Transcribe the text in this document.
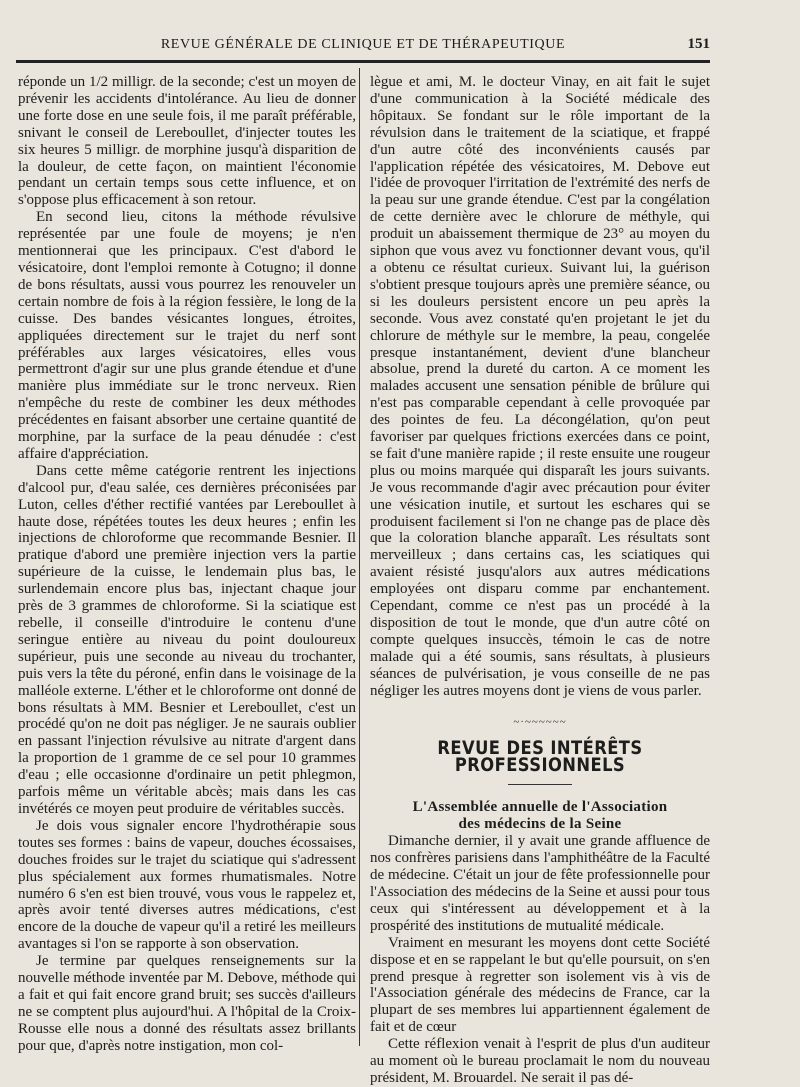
REVUE GÉNÉRALE DE CLINIQUE ET DE THÉRAPEUTIQUE	151

réponde un 1/2 milligr. de la seconde; c'est un moyen de prévenir les accidents d'intolérance. Au lieu de donner une forte dose en une seule fois, il me paraît préférable, snivant le conseil de Lereboullet, d'injecter toutes les six heures 5 milligr. de morphine jusqu'à disparition de la douleur, de cette façon, on maintient l'économie pendant un certain temps sous cette influence, et on s'oppose plus efficacement à son retour.

En second lieu, citons la méthode révulsive représentée par une foule de moyens; je n'en mentionnerai que les principaux. C'est d'abord le vésicatoire, dont l'emploi remonte à Cotugno; il donne de bons résultats, aussi vous pourrez les renouveler un certain nombre de fois à la région fessière, le long de la cuisse. Des bandes vésicantes longues, étroites, appliquées directement sur le trajet du nerf sont préférables aux larges vésicatoires, elles vous permettront d'agir sur une plus grande étendue et d'une manière plus immédiate sur le tronc nerveux. Rien n'empêche du reste de combiner les deux méthodes précédentes en faisant absorber une certaine quantité de morphine, par la surface de la peau dénudée : c'est affaire d'appréciation.

Dans cette même catégorie rentrent les injections d'alcool pur, d'eau salée, ces dernières préconisées par Luton, celles d'éther rectifié vantées par Lereboullet à haute dose, répétées toutes les deux heures ; enfin les injections de chloroforme que recommande Besnier. Il pratique d'abord une première injection vers la partie supérieure de la cuisse, le lendemain plus bas, le surlendemain encore plus bas, injectant chaque jour près de 3 grammes de chloroforme. Si la sciatique est rebelle, il conseille d'introduire le contenu d'une seringue entière au niveau du point douloureux supérieur, puis une seconde au niveau du trochanter, puis vers la tête du péroné, enfin dans le voisinage de la malléole externe. L'éther et le chloroforme ont donné de bons résultats à MM. Besnier et Lereboullet, c'est un procédé qu'on ne doit pas négliger. Je ne saurais oublier en passant l'injection révulsive au nitrate d'argent dans la proportion de 1 gramme de ce sel pour 10 grammes d'eau ; elle occasionne d'ordinaire un petit phlegmon, parfois même un véritable abcès; mais dans les cas invétérés ce moyen peut produire de véritables succès.

Je dois vous signaler encore l'hydrothérapie sous toutes ses formes : bains de vapeur, douches écossaises, douches froides sur le trajet du sciatique qui s'adressent plus spécialement aux formes rhumatismales. Notre numéro 6 s'en est bien trouvé, vous vous le rappelez et, après avoir tenté diverses autres médications, c'est encore de la douche de vapeur qu'il a retiré les meilleurs avantages si l'on se rapporte à son observation.

Je termine par quelques renseignements sur la nouvelle méthode inventée par M. Debove, méthode qui a fait et qui fait encore grand bruit; ses succès d'ailleurs ne se comptent plus aujourd'hui. A l'hôpital de la Croix-Rousse elle nous a donné des résultats assez brillants pour que, d'après notre instigation, mon col-

lègue et ami, M. le docteur Vinay, en ait fait le sujet d'une communication à la Société médicale des hôpitaux. Se fondant sur le rôle important de la révulsion dans le traitement de la sciatique, et frappé d'un autre côté des inconvénients causés par l'application répétée des vésicatoires, M. Debove eut l'idée de provoquer l'irritation de l'extrémité des nerfs de la peau sur une grande étendue. C'est par la congélation de cette dernière avec le chlorure de méthyle, qui produit un abaissement thermique de 23° au moyen du siphon que vous avez vu fonctionner devant vous, qu'il a obtenu ce résultat curieux. Suivant lui, la guérison s'obtient presque toujours après une première séance, ou si les douleurs persistent encore un peu après la seconde. Vous avez constaté qu'en projetant le jet du chlorure de méthyle sur le membre, la peau, congelée presque instantanément, devient d'une blancheur absolue, prend la dureté du carton. A ce moment les malades accusent une sensation pénible de brûlure qui n'est pas comparable cependant à celle provoquée par des pointes de feu. La décongélation, qu'on peut favoriser par quelques frictions exercées dans ce point, se fait d'une manière rapide ; il reste ensuite une rougeur plus ou moins marquée qui disparaît les jours suivants. Je vous recommande d'agir avec précaution pour éviter une vésication inutile, et surtout les eschares qui se produisent facilement si l'on ne change pas de place dès que la coloration blanche apparaît. Les résultats sont merveilleux ; dans certains cas, les sciatiques qui avaient résisté jusqu'alors aux autres médications employées ont disparu comme par enchantement. Cependant, comme ce n'est pas un procédé à la disposition de tout le monde, que d'un autre côté on compte quelques insuccès, témoin le cas de notre malade qui a été soumis, sans résultats, à plusieurs séances de pulvérisation, je vous conseille de ne pas négliger les autres moyens dont je viens de vous parler.

~·~~~~~~
REVUE DES INTÉRÊTS PROFESSIONNELS
L'Assemblée annuelle de l'Association
des médecins de la Seine

Dimanche dernier, il y avait une grande affluence de nos confrères parisiens dans l'amphithéâtre de la Faculté de médecine. C'était un jour de fête professionnelle pour l'Association des médecins de la Seine et aussi pour tous ceux qui s'intéressent au développement et à la prospérité des institutions de mutualité médicale.

Vraiment en mesurant les moyens dont cette Société dispose et en se rappelant le but qu'elle poursuit, on s'en prend presque à regretter son isolement vis à vis de l'Association générale des médecins de France, car la plupart de ses membres lui appartiennent également de fait et de cœur

Cette réflexion venait à l'esprit de plus d'un auditeur au moment où le bureau proclamait le nom du nouveau président, M. Brouardel. Ne serait il pas dé-
